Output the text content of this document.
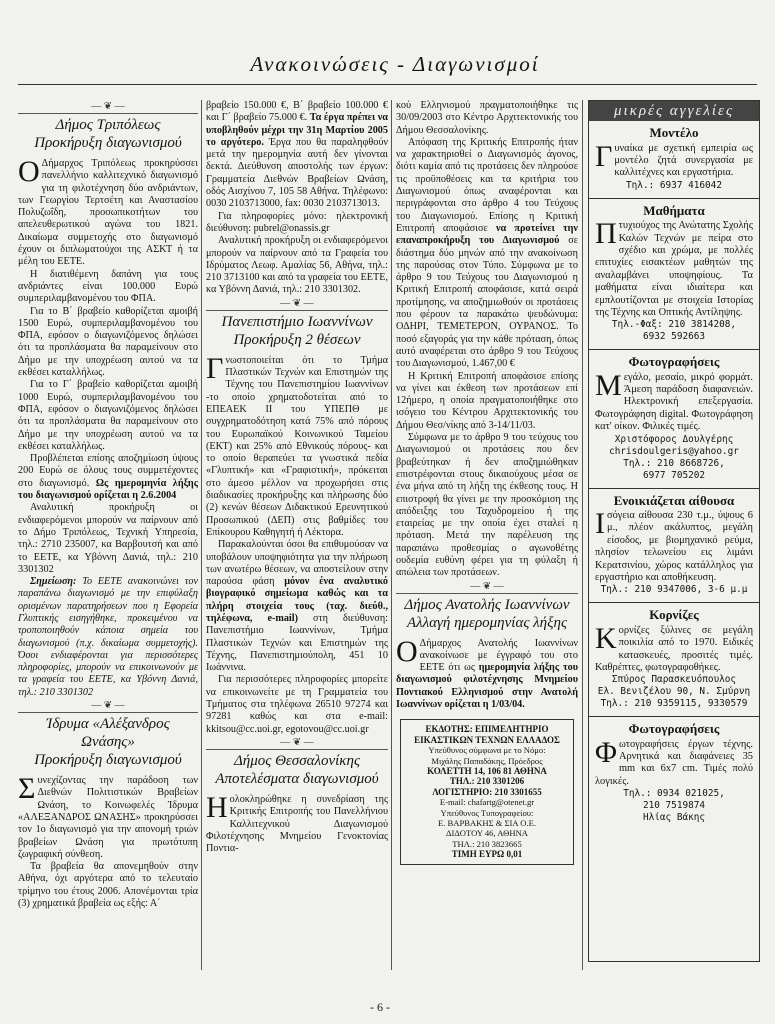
Ανακοινώσεις - Διαγωνισμοί
— ❦ —
Δήμος Τριπόλεως
Προκήρυξη διαγωνισμού

Ο Δήμαρχος Τριπόλεως προκηρύσσει πανελλήνιο καλλιτεχνικό διαγωνισμό για τη φιλοτέχνηση δύο ανδριάντων, των Γεωργίου Τερτσέτη και Αναστασίου Πολυζωΐδη, προσωπικοτήτων του απελευθερωτικού αγώνα του 1821. Δικαίωμα συμμετοχής στο διαγωνισμό έχουν οι διπλωματούχοι της ΑΣΚΤ ή τα μέλη του ΕΕΤΕ.

Η διατιθέμενη δαπάνη για τους ανδριάντες είναι 100.000 Ευρώ συμπεριλαμβανομένου του ΦΠΑ.

Για το Β΄ βραβείο καθορίζεται αμοιβή 1500 Ευρώ, συμπεριλαμβανομένου του ΦΠΑ, εφόσον ο διαγωνιζόμενος δηλώσει ότι τα προπλάσματα θα παραμείνουν στο Δήμο με την υποχρέωση αυτού να τα εκθέσει καταλλήλως.

Για το Γ΄ βραβείο καθορίζεται αμοιβή 1000 Ευρώ, συμπεριλαμβανομένου του ΦΠΑ, εφόσον ο διαγωνιζόμενος δηλώσει ότι τα προπλάσματα θα παραμείνουν στο Δήμο με την υποχρέωση αυτού να τα εκθέσει καταλλήλως.

Προβλέπεται επίσης αποζημίωση ύψους 200 Ευρώ σε όλους τους συμμετέχοντες στο διαγωνισμό. Ως ημερομηνία λήξης του διαγωνισμού ορίζεται η 2.6.2004

Αναλυτική προκήρυξη οι ενδιαφερόμενοι μπορούν να παίρνουν από το Δήμο Τριπόλεως, Τεχνική Υπηρεσία, τηλ.: 2710 235007, κα Βαρβουτσή και από το ΕΕΤΕ, κα Υβόννη Δανιά, τηλ.: 210 3301302

Σημείωση: Το ΕΕΤΕ ανακοινώνει τον παραπάνω διαγωνισμό με την επιφύλαξη ορισμένων παρατηρήσεων που η Εφορεία Γλυπτικής εισηγήθηκε, προκειμένου να τροποποιηθούν κάποια σημεία του διαγωνισμού (π.χ. δικαίωμα συμμετοχής). Όσοι ενδιαφέρονται για περισσότερες πληροφορίες, μπορούν να επικοινωνούν με τα γραφεία του ΕΕΤΕ, κα Υβόννη Δανιά, τηλ.: 210 3301302

— ❦ —
Ίδρυμα «Αλέξανδρος Ωνάσης»
Προκήρυξη διαγωνισμού

Συνεχίζοντας την παράδοση των Διεθνών Πολιτιστικών Βραβείων Ωνάση, το Κοινωφελές Ίδρυμα «ΑΛΕΞΑΝΔΡΟΣ ΩΝΑΣΗΣ» προκηρύσσει τον 1ο διαγωνισμό για την απονομή τριών βραβείων Ωνάση για πρωτότυπη ζωγραφική σύνθεση.

Τα βραβεία θα απονεμηθούν στην Αθήνα, όχι αργότερα από το τελευταίο τρίμηνο του έτους 2006. Απονέμονται τρία (3) χρηματικά βραβεία ως εξής: Α΄

βραβείο 150.000 €, Β΄ βραβείο 100.000 € και Γ΄ βραβείο 75.000 €. Τα έργα πρέπει να υποβληθούν μέχρι την 31η Μαρτίου 2005 το αργότερο. Έργα που θα παραληφθούν μετά την ημερομηνία αυτή δεν γίνονται δεκτά. Διεύθυνση αποστολής των έργων: Γραμματεία Διεθνών Βραβείων Ωνάση, οδός Αισχίνου 7, 105 58 Αθήνα. Τηλέφωνο: 0030 2103713000, fax: 0030 2103713013.

Για πληροφορίες μόνο: ηλεκτρονική διεύθυνση: pubrel@onassis.gr

Αναλυτική προκήρυξη οι ενδιαφερόμενοι μπορούν να παίρνουν από τα Γραφεία του Ιδρύματος Λεωφ. Αμαλίας 56, Αθήνα, τηλ.: 210 3713100 και από τα γραφεία του ΕΕΤΕ, κα Υβόννη Δανιά, τηλ.: 210 3301302.

— ❦ —
Πανεπιστήμιο Ιωαννίνων
Προκήρυξη 2 θέσεων

Γνωστοποιείται ότι το Τμήμα Πλαστικών Τεχνών και Επιστημών της Τέχνης του Πανεπιστημίου Ιωαννίνων -το οποίο χρηματοδοτείται από το ΕΠΕΑΕΚ ΙΙ του ΥΠΕΠΘ με συγχρηματοδότηση κατά 75% από πόρους του Ευρωπαϊκού Κοινωνικού Ταμείου (ΕΚΤ) και 25% από Εθνικούς πόρους- και το οποίο θεραπεύει τα γνωστικά πεδία «Γλυπτική» και «Γραφιστική», πρόκειται στο άμεσο μέλλον να προχωρήσει στις διαδικασίες προκήρυξης και πλήρωσης δύο (2) κενών θέσεων Διδακτικού Ερευνητικού Προσωπικού (ΔΕΠ) στις βαθμίδες του Επίκουρου Καθηγητή ή Λέκτορα.

Παρακαλούνται όσοι θα επιθυμούσαν να υποβάλουν υποψηφιότητα για την πλήρωση των ανωτέρω θέσεων, να αποστείλουν στην παρούσα φάση μόνον ένα αναλυτικό βιογραφικό σημείωμα καθώς και τα πλήρη στοιχεία τους (ταχ. διεύθ., τηλέφωνα, e-mail) στη διεύθυνση: Πανεπιστήμιο Ιωαννίνων, Τμήμα Πλαστικών Τεχνών και Επιστημών της Τέχνης, Πανεπιστημιούπολη, 451 10 Ιωάννινα.

Για περισσότερες πληροφορίες μπορείτε να επικοινωνείτε με τη Γραμματεία του Τμήματος στα τηλέφωνα 26510 97274 και 97281 καθώς και στα e-mail: kkitsou@cc.uoi.gr, egotovou@cc.uoi.gr

— ❦ —
Δήμος Θεσσαλονίκης
Αποτελέσματα διαγωνισμού

Ηολοκληρώθηκε η συνεδρίαση της Κριτικής Επιτροπής του Πανελλήνιου Καλλιτεχνικού Διαγωνισμού Φιλοτέχνησης Μνημείου Γενοκτονίας Ποντια-

κού Ελληνισμού πραγματοποιήθηκε τις 30/09/2003 στο Κέντρο Αρχιτεκτονικής του Δήμου Θεσσαλονίκης.

Απόφαση της Κριτικής Επιτροπής ήταν να χαρακτηρισθεί ο Διαγωνισμός άγονος, διότι καμία από τις προτάσεις δεν πληρούσε τις προϋποθέσεις και τα κριτήρια του Διαγωνισμού όπως αναφέρονται και περιγράφονται στο άρθρο 4 του Τεύχους του Διαγωνισμού. Επίσης η Κριτική Επιτροπή αποφάσισε να προτείνει την επαναπροκήρυξη του Διαγωνισμού σε διάστημα δύο μηνών από την ανακοίνωση της παρούσας στον Τύπο. Σύμφωνα με το άρθρο 9 του Τεύχους του Διαγωνισμού η Κριτική Επιτροπή αποφάσισε, κατά σειρά προτίμησης, να αποζημιωθούν οι προτάσεις που φέρουν τα παρακάτω ψευδώνυμα: ΟΔΗΡΙ, ΤΕΜΕΤΕΡΟΝ, ΟΥΡΑΝΟΣ. Το ποσό εξαγοράς για την κάθε πρόταση, όπως αυτό αναφέρεται στο άρθρο 9 του Τεύχους του Διαγωνισμού, 1.467,00 €

Η Κριτική Επιτροπή αποφάσισε επίσης να γίνει και έκθεση των προτάσεων επί 12ήμερο, η οποία πραγματοποιήθηκε στο ισόγειο του Κέντρου Αρχιτεκτονικής του Δήμου Θεσ/νίκης από 3-14/11/03.

Σύμφωνα με το άρθρο 9 του τεύχους του Διαγωνισμού οι προτάσεις που δεν βραβεύτηκαν ή δεν αποζημιώθηκαν επιστρέφονται στους δικαιούχους μέσα σε ένα μήνα από τη λήξη της έκθεσης τους. Η επιστροφή θα γίνει με την προσκόμιση της απόδειξης του Ταχυδρομείου ή της εταιρείας με την οποία έχει σταλεί η πρόταση. Μετά την παρέλευση της παραπάνω προθεσμίας ο αγωνοθέτης ουδεμία ευθύνη φέρει για τη φύλαξη ή απώλεια των προτάσεων.

— ❦ —
Δήμος Ανατολής Ιωαννίνων
Αλλαγή ημερομηνίας λήξης

Ο Δήμαρχος Ανατολής Ιωαννίνων ανακοίνωσε με έγγραφό του στο ΕΕΤΕ ότι ως ημερομηνία λήξης του διαγωνισμού φιλοτέχνησης Μνημείου Ποντιακού Ελληνισμού στην Ανατολή Ιωαννίνων ορίζεται η 1/03/04.

ΕΚΔΟΤΗΣ: ΕΠΙΜΕΛΗΤΗΡΙΟ
ΕΙΚΑΣΤΙΚΩΝ ΤΕΧΝΩΝ ΕΛΛΑΔΟΣ
Υπεύθυνος σύμφωνα με το Νόμο:
Μιχάλης Παπαδάκης, Πρόεδρος
ΚΟΛΕΤΤΗ 14, 106 81 ΑΘΗΝΑ
ΤΗΛ.: 210 3301206
ΛΟΓΙΣΤΗΡΙΟ: 210 3301655
E-mail: chafartg@otenet.gr
Υπεύθυνος Τυπογραφείου:
Ε. ΒΑΡΒΑΚΗΣ & ΣΙΑ Ο.Ε.
ΔΙΔΟΤΟΥ 46, ΑΘΗΝΑ
ΤΗΛ.: 210 3823665
ΤΙΜΗ ΕΥΡΩ 0,01
μικρές αγγελίες
Μοντέλο
Γυναίκα με σχετική εμπειρία ως μοντέλο ζητά συνεργασία με καλλιτέχνες και εργαστήρια.
Τηλ.: 6937 416042
Μαθήματα
Πτυχιούχος της Ανώτατης Σχολής Καλών Τεχνών με πείρα στο σχέδιο και χρώμα, με πολλές επιτυχίες εισακτέων μαθητών της αναλαμβάνει υποψηφίους. Τα μαθήματα είναι ιδιαίτερα και εμπλουτίζονται με στοιχεία Ιστορίας της Τέχνης και Οπτικής Αντίληψης.
Τηλ.-Φαξ: 210 3814208,
6932 592663
Φωτογραφήσεις
Μεγάλο, μεσαίο, μικρό φορμάτ. Άμεση παράδοση διαφανειών. Ηλεκτρονική επεξεργασία. Φωτογράφηση digital. Φωτογράφηση κατ' οίκον. Φιλικές τιμές.
Χριστόφορος Δουλγέρης
chrisdoulgeris@yahoo.gr
Τηλ.: 210 8668726,
6977 705202
Ενοικιάζεται αίθουσα
Ισόγεια αίθουσα 230 τ.μ., ύψους 6 μ., πλέον ακάλυπτος, μεγάλη είσοδος, με βιομηχανικό ρεύμα, πλησίον τελωνείου εις λιμάνι Κερατσινίου, χώρος κατάλληλος για εργαστήριο και αποθήκευση.
Τηλ.: 210 9347006, 3-6 μ.μ
Κορνίζες
Κορνίζες ξύλινες σε μεγάλη ποικιλία από το 1970. Ειδικές κατασκευές, προσιτές τιμές. Καθρέπτες, φωτογραφοθήκες.
Σπύρος Παρασκευόπουλος
Ελ. Βενιζέλου 90, Ν. Σμύρνη
Τηλ.: 210 9359115, 9330579
Φωτογραφήσεις
Φωτογραφήσεις έργων τέχνης. Αρνητικά και διαφάνειες 35 mm και 6x7 cm. Τιμές πολύ λογικές.
Τηλ.: 0934 021025,
210 7519874
Ηλίας Βάκης
- 6 -
